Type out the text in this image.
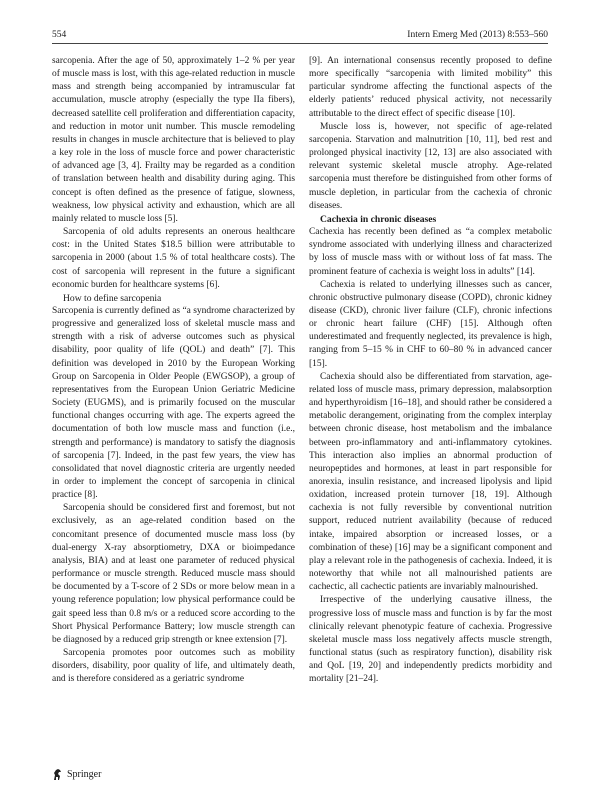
554	Intern Emerg Med (2013) 8:553–560

sarcopenia. After the age of 50, approximately 1–2 % per year of muscle mass is lost, with this age-related reduction in muscle mass and strength being accompanied by intramuscular fat accumulation, muscle atrophy (especially the type IIa fibers), decreased satellite cell proliferation and differentiation capacity, and reduction in motor unit number. This muscle remodeling results in changes in muscle architecture that is believed to play a key role in the loss of muscle force and power characteristic of advanced age [3, 4]. Frailty may be regarded as a condition of translation between health and disability during aging. This concept is often defined as the presence of fatigue, slowness, weakness, low physical activity and exhaustion, which are all mainly related to muscle loss [5].

Sarcopenia of old adults represents an onerous healthcare cost: in the United States $18.5 billion were attributable to sarcopenia in 2000 (about 1.5 % of total healthcare costs). The cost of sarcopenia will represent in the future a significant economic burden for healthcare systems [6].

How to define sarcopenia

Sarcopenia is currently defined as “a syndrome characterized by progressive and generalized loss of skeletal muscle mass and strength with a risk of adverse outcomes such as physical disability, poor quality of life (QOL) and death” [7]. This definition was developed in 2010 by the European Working Group on Sarcopenia in Older People (EWGSOP), a group of representatives from the European Union Geriatric Medicine Society (EUGMS), and is primarily focused on the muscular functional changes occurring with age. The experts agreed the documentation of both low muscle mass and function (i.e., strength and performance) is mandatory to satisfy the diagnosis of sarcopenia [7]. Indeed, in the past few years, the view has consolidated that novel diagnostic criteria are urgently needed in order to implement the concept of sarcopenia in clinical practice [8].

Sarcopenia should be considered first and foremost, but not exclusively, as an age-related condition based on the concomitant presence of documented muscle mass loss (by dual-energy X-ray absorptiometry, DXA or bioimpedance analysis, BIA) and at least one parameter of reduced physical performance or muscle strength. Reduced muscle mass should be documented by a T-score of 2 SDs or more below mean in a young reference population; low physical performance could be gait speed less than 0.8 m/s or a reduced score according to the Short Physical Performance Battery; low muscle strength can be diagnosed by a reduced grip strength or knee extension [7].

Sarcopenia promotes poor outcomes such as mobility disorders, disability, poor quality of life, and ultimately death, and is therefore considered as a geriatric syndrome

[9]. An international consensus recently proposed to define more specifically “sarcopenia with limited mobility” this particular syndrome affecting the functional aspects of the elderly patients’ reduced physical activity, not necessarily attributable to the direct effect of specific disease [10].

Muscle loss is, however, not specific of age-related sarcopenia. Starvation and malnutrition [10, 11], bed rest and prolonged physical inactivity [12, 13] are also associated with relevant systemic skeletal muscle atrophy. Age-related sarcopenia must therefore be distinguished from other forms of muscle depletion, in particular from the cachexia of chronic diseases.

Cachexia in chronic diseases

Cachexia has recently been defined as “a complex metabolic syndrome associated with underlying illness and characterized by loss of muscle mass with or without loss of fat mass. The prominent feature of cachexia is weight loss in adults” [14].

Cachexia is related to underlying illnesses such as cancer, chronic obstructive pulmonary disease (COPD), chronic kidney disease (CKD), chronic liver failure (CLF), chronic infections or chronic heart failure (CHF) [15]. Although often underestimated and frequently neglected, its prevalence is high, ranging from 5–15 % in CHF to 60–80 % in advanced cancer [15].

Cachexia should also be differentiated from starvation, age-related loss of muscle mass, primary depression, malabsorption and hyperthyroidism [16–18], and should rather be considered a metabolic derangement, originating from the complex interplay between chronic disease, host metabolism and the imbalance between pro-inflammatory and anti-inflammatory cytokines. This interaction also implies an abnormal production of neuropeptides and hormones, at least in part responsible for anorexia, insulin resistance, and increased lipolysis and lipid oxidation, increased protein turnover [18, 19]. Although cachexia is not fully reversible by conventional nutrition support, reduced nutrient availability (because of reduced intake, impaired absorption or increased losses, or a combination of these) [16] may be a significant component and play a relevant role in the pathogenesis of cachexia. Indeed, it is noteworthy that while not all malnourished patients are cachectic, all cachectic patients are invariably malnourished.

Irrespective of the underlying causative illness, the progressive loss of muscle mass and function is by far the most clinically relevant phenotypic feature of cachexia. Progressive skeletal muscle mass loss negatively affects muscle strength, functional status (such as respiratory function), disability risk and QoL [19, 20] and independently predicts morbidity and mortality [21–24].

Springer
